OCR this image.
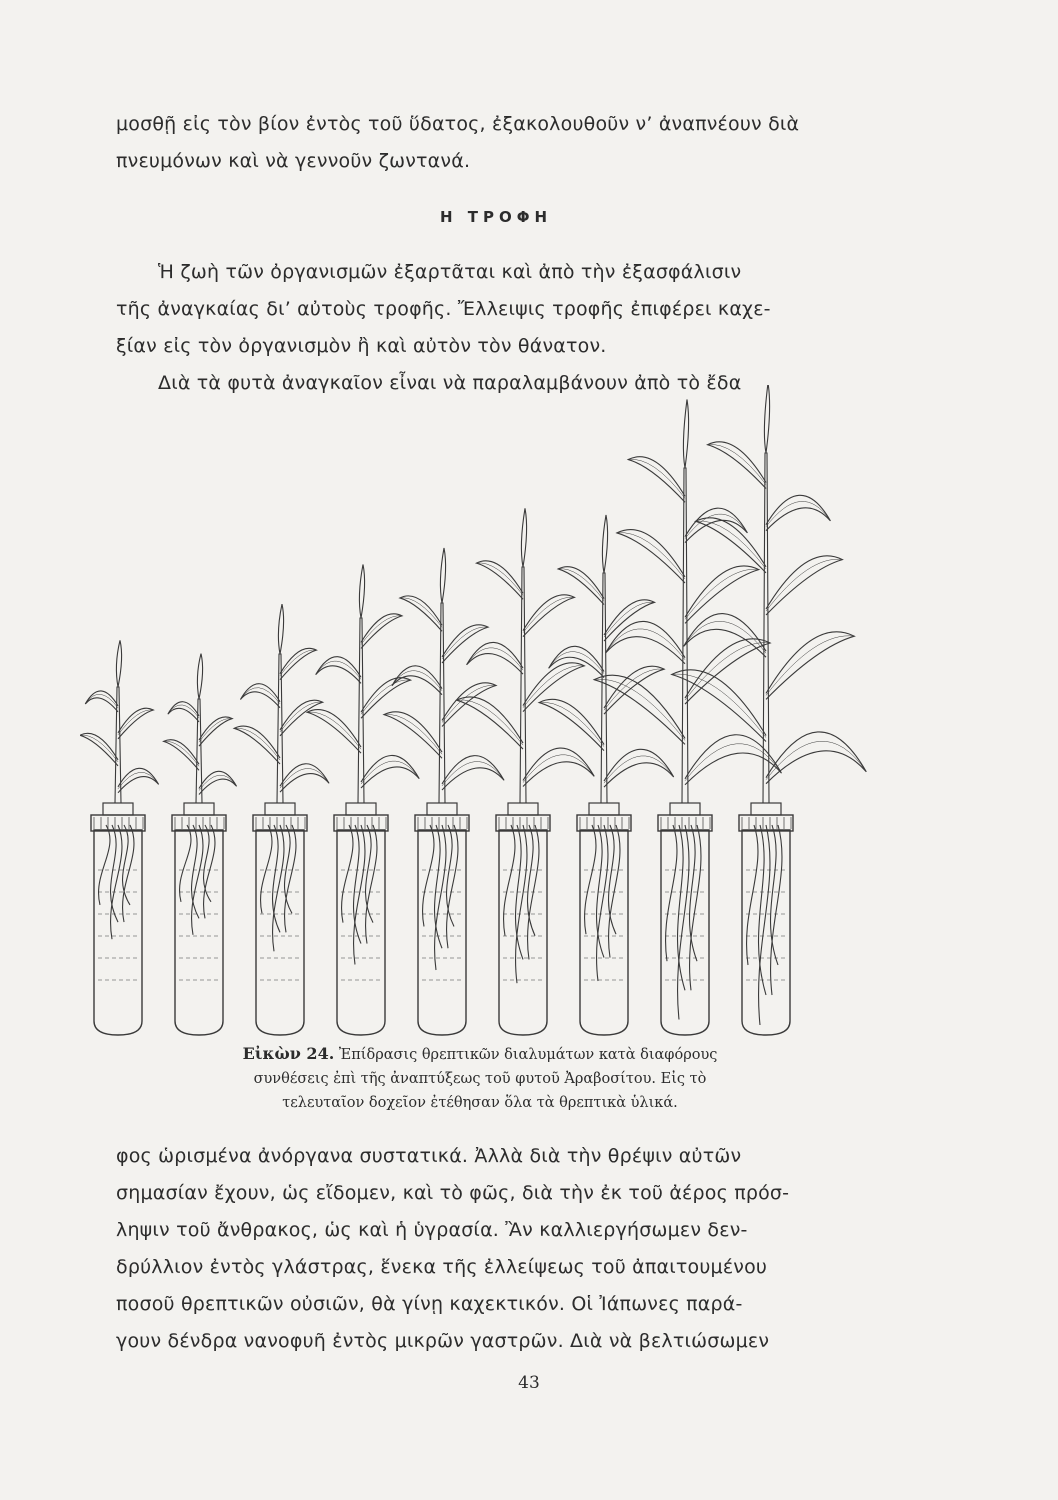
μοσθῇ εἰς τὸν βίον ἐντὸς τοῦ ὕδατος, ἐξακολουθοῦν ν’ ἀναπνέουν διὰ
πνευμόνων καὶ νὰ γεννοῦν ζωντανά.

Η ΤΡΟΦΗ

Ἡ ζωὴ τῶν ὀργανισμῶν ἐξαρτᾶται καὶ ἀπὸ τὴν ἐξασφάλισιν
τῆς ἀναγκαίας δι’ αὐτοὺς τροφῆς. Ἔλλειψις τροφῆς ἐπιφέρει καχε-
ξίαν εἰς τὸν ὀργανισμὸν ἢ καὶ αὐτὸν τὸν θάνατον.
Διὰ τὰ φυτὰ ἀναγκαῖον εἶναι νὰ παραλαμβάνουν ἀπὸ τὸ ἔδα

Εἰκὼν 24. Ἐπίδρασις θρεπτικῶν διαλυμάτων κατὰ διαφόρους
συνθέσεις ἐπὶ τῆς ἀναπτύξεως τοῦ φυτοῦ Ἀραβοσίτου. Εἰς τὸ
τελευταῖον δοχεῖον ἐτέθησαν ὅλα τὰ θρεπτικὰ ὑλικά.

φος ὡρισμένα ἀνόργανα συστατικά. Ἀλλὰ διὰ τὴν θρέψιν αὐτῶν
σημασίαν ἔχουν, ὡς εἴδομεν, καὶ τὸ φῶς, διὰ τὴν ἐκ τοῦ ἀέρος πρόσ-
ληψιν τοῦ ἄνθρακος, ὡς καὶ ἡ ὑγρασία. Ἂν καλλιεργήσωμεν δεν-
δρύλλιον ἐντὸς γλάστρας, ἕνεκα τῆς ἐλλείψεως τοῦ ἀπαιτουμένου
ποσοῦ θρεπτικῶν οὐσιῶν, θὰ γίνῃ καχεκτικόν. Οἱ Ἰάπωνες παρά-
γουν δένδρα νανοφυῆ ἐντὸς μικρῶν γαστρῶν. Διὰ νὰ βελτιώσωμεν

43
